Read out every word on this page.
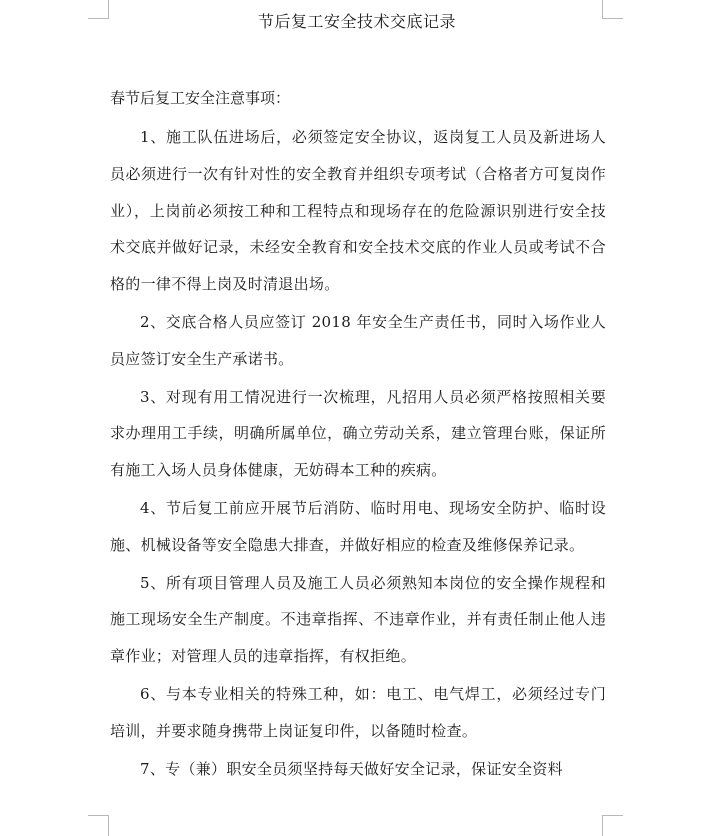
节后复工安全技术交底记录

春节后复工安全注意事项：

1、施工队伍进场后，必须签定安全协议，返岗复工人员及新进场人员必须进行一次有针对性的安全教育并组织专项考试（合格者方可复岗作业），上岗前必须按工种和工程特点和现场存在的危险源识别进行安全技术交底并做好记录，未经安全教育和安全技术交底的作业人员或考试不合格的一律不得上岗及时清退出场。

2、交底合格人员应签订 2018 年安全生产责任书，同时入场作业人员应签订安全生产承诺书。

3、对现有用工情况进行一次梳理，凡招用人员必须严格按照相关要求办理用工手续，明确所属单位，确立劳动关系，建立管理台账，保证所有施工入场人员身体健康，无妨碍本工种的疾病。

4、节后复工前应开展节后消防、临时用电、现场安全防护、临时设施、机械设备等安全隐患大排查，并做好相应的检查及维修保养记录。

5、所有项目管理人员及施工人员必须熟知本岗位的安全操作规程和施工现场安全生产制度。不违章指挥、不违章作业，并有责任制止他人违章作业；对管理人员的违章指挥，有权拒绝。

6、与本专业相关的特殊工种，如：电工、电气焊工，必须经过专门培训，并要求随身携带上岗证复印件，以备随时检查。

7、专（兼）职安全员须坚持每天做好安全记录，保证安全资料
